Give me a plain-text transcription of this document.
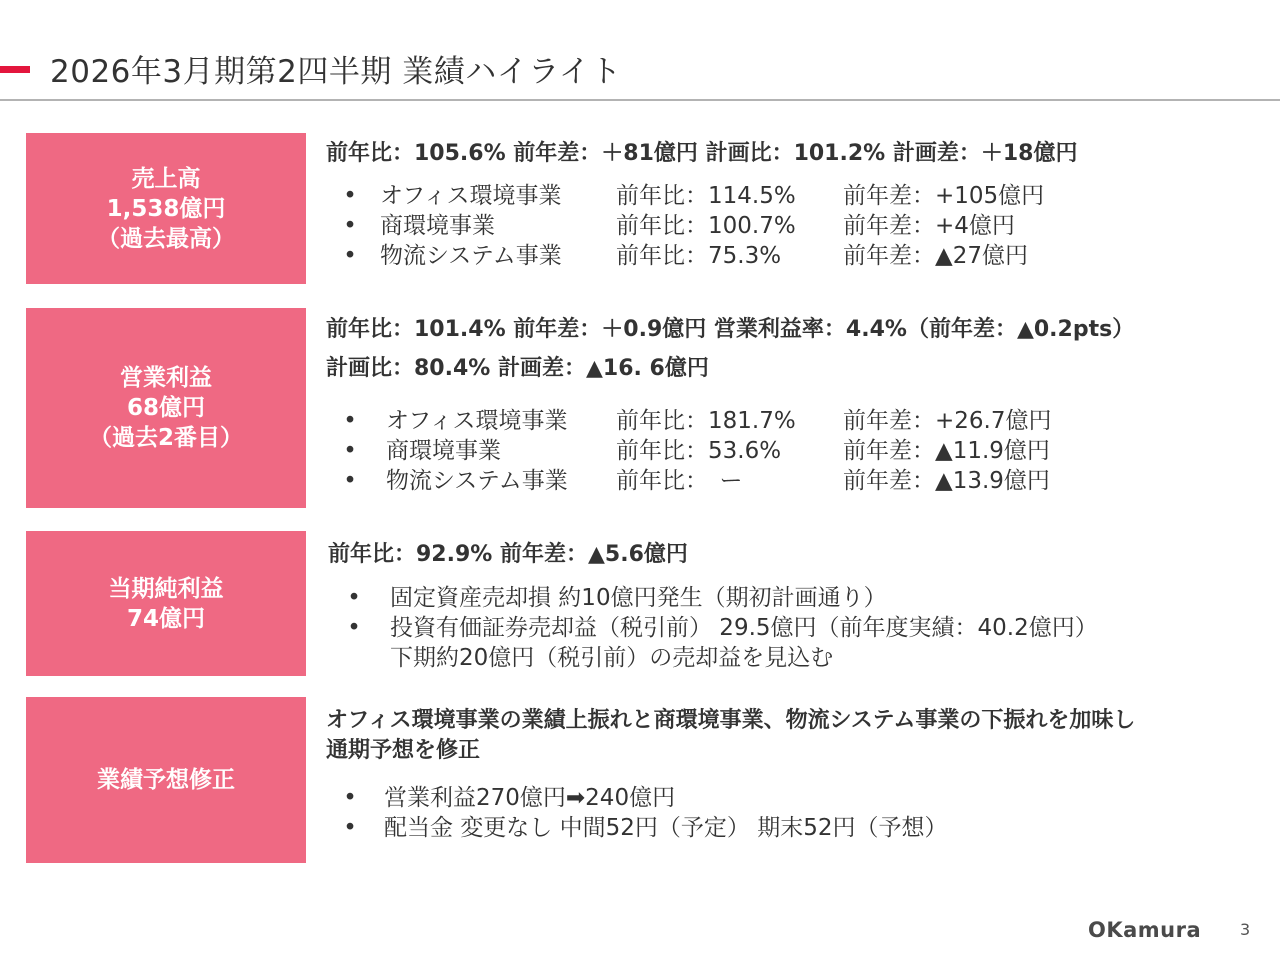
2026年3月期第2四半期 業績ハイライト
売上高
1,538億円
（過去最高）
前年比：105.6% 前年差：＋81億円 計画比：101.2% 計画差：＋18億円
• オフィス環境事業 前年比：114.5% 前年差：+105億円
• 商環境事業	前年比：100.7% 前年差：+4億円
• 物流システム事業 前年比：75.3%	前年差：▲27億円
営業利益
68億円
（過去2番目）
前年比：101.4% 前年差：＋0.9億円 営業利益率：4.4%（前年差：▲0.2pts）
計画比：80.4% 計画差：▲16. 6億円
• オフィス環境事業 前年比：181.7% 前年差：+26.7億円
• 商環境事業	前年比：53.6%	前年差：▲11.9億円
• 物流システム事業 前年比：　ー	前年差：▲13.9億円
当期純利益
74億円
前年比：92.9% 前年差：▲5.6億円
• 固定資産売却損 約10億円発生（期初計画通り）
• 投資有価証券売却益（税引前） 29.5億円（前年度実績：40.2億円）
下期約20億円（税引前）の売却益を見込む
業績予想修正
オフィス環境事業の業績上振れと商環境事業、物流システム事業の下振れを加味し
通期予想を修正
• 営業利益270億円➡240億円
• 配当金 変更なし 中間52円（予定） 期末52円（予想）
OKamura 3
